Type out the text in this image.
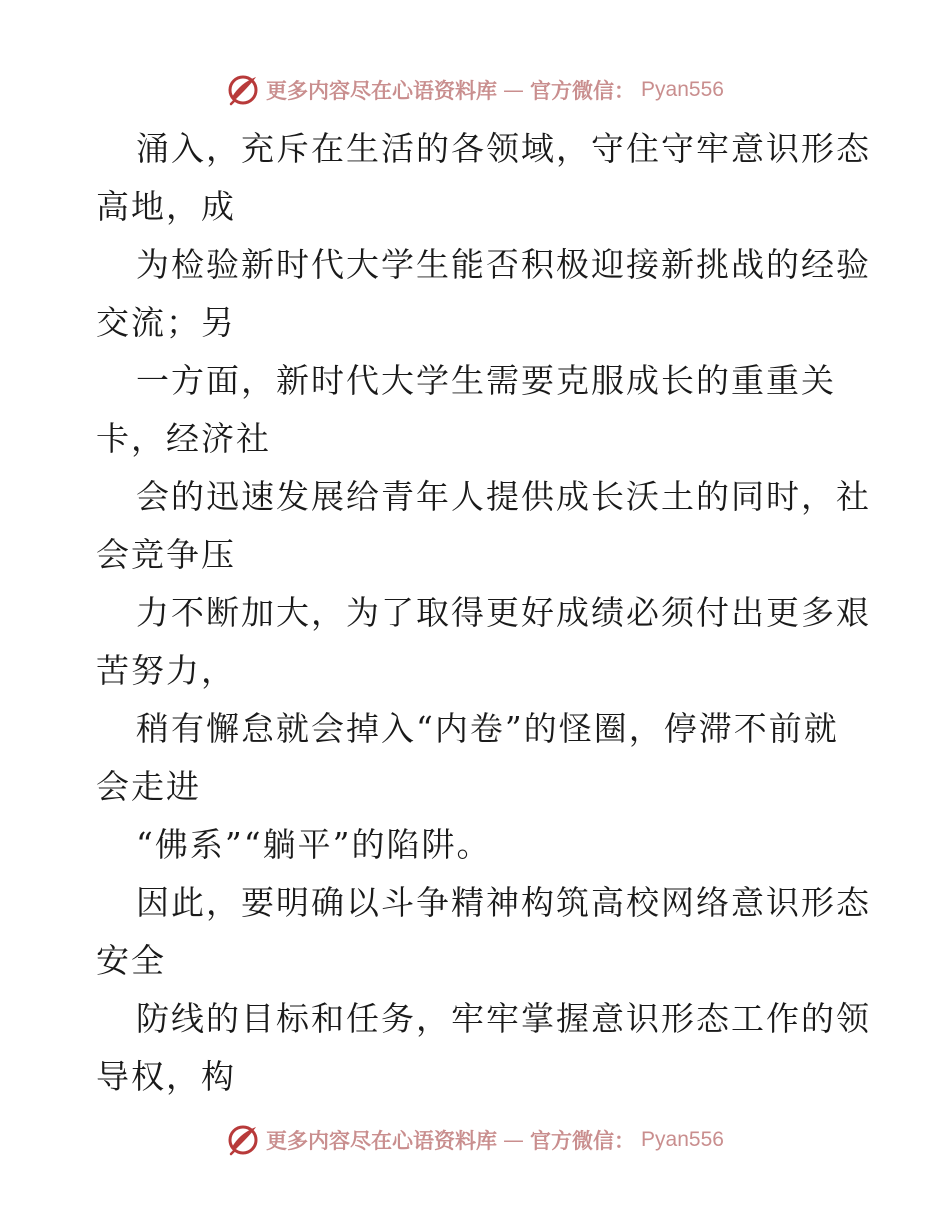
更多内容尽在心语资料库 — 官方微信： Pyan556
涌入，充斥在生活的各领域，守住守牢意识形态
高地，成
为检验新时代大学生能否积极迎接新挑战的经验
交流；另
一方面，新时代大学生需要克服成长的重重关
卡，经济社
会的迅速发展给青年人提供成长沃土的同时，社
会竞争压
力不断加大，为了取得更好成绩必须付出更多艰
苦努力，
稍有懈怠就会掉入“内卷”的怪圈，停滞不前就
会走进
“佛系”“躺平”的陷阱。
因此，要明确以斗争精神构筑高校网络意识形态
安全
防线的目标和任务，牢牢掌握意识形态工作的领
导权，构
更多内容尽在心语资料库 — 官方微信： Pyan556
